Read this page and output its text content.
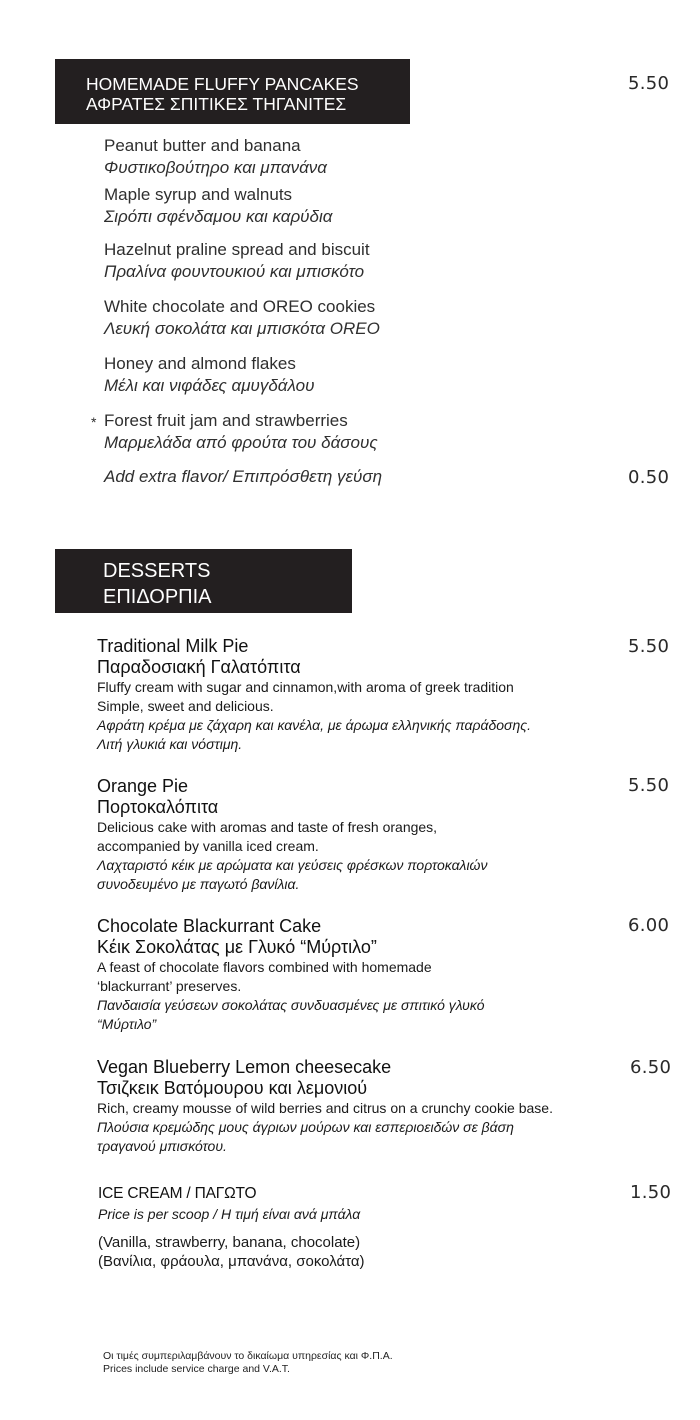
HOMEMADE FLUFFY PANCAKES
ΑΦΡΑΤΕΣ ΣΠΙΤΙΚΕΣ ΤΗΓΑΝΙΤΕΣ
5.50
Peanut butter and banana
Φυστικοβούτηρο και μπανάνα
Maple syrup and walnuts
Σιρόπι σφένδαμου και καρύδια
Hazelnut praline spread and biscuit
Πραλίνα φουντουκιού και μπισκότο
White chocolate and OREO cookies
Λευκή σοκολάτα και μπισκότα OREO
Honey and almond flakes
Μέλι και νιφάδες αμυγδάλου
* Forest fruit jam and strawberries
Μαρμελάδα από φρούτα του δάσους
Add extra flavor/ Επιπρόσθετη γεύση	0.50
DESSERTS
ΕΠΙΔΟΡΠΙΑ
Traditional Milk Pie
Παραδοσιακή Γαλατόπιτα
Fluffy cream with sugar and cinnamon,with aroma of greek tradition
Simple, sweet and delicious.
Αφράτη κρέμα με ζάχαρη και κανέλα, με άρωμα ελληνικής παράδοσης.
Λιτή γλυκιά και νόστιμη.
5.50
Orange Pie
Πορτοκαλόπιτα
Delicious cake with aromas and taste of fresh oranges,
accompanied by vanilla iced cream.
Λαχταριστό κέικ με αρώματα και γεύσεις φρέσκων πορτοκαλιών
συνοδευμένο με παγωτό βανίλια.
5.50
Chocolate Blackurrant Cake
Κέικ Σοκολάτας με Γλυκό “Μύρτιλο”
A feast of chocolate flavors combined with homemade
‘blackurrant’ preserves.
Πανδαισία γεύσεων σοκολάτας συνδυασμένες με σπιτικό γλυκό
“Μύρτιλο”
6.00
Vegan Blueberry Lemon cheesecake
Τσιζκεικ Βατόμουρου και λεμονιού
Rich, creamy mousse of wild berries and citrus on a crunchy cookie base.
Πλούσια κρεμώδης μους άγριων μούρων και εσπεριοειδών σε βάση
τραγανού μπισκότου.
6.50
ICE CREAM / ΠΑΓΩΤΟ
Price is per scoop / Η τιμή είναι ανά μπάλα
(Vanilla, strawberry, banana, chocolate)
(Βανίλια, φράουλα, μπανάνα, σοκολάτα)
1.50
Οι τιμές συμπεριλαμβάνουν το δικαίωμα υπηρεσίας και Φ.Π.Α.
Prices include service charge and V.A.T.
